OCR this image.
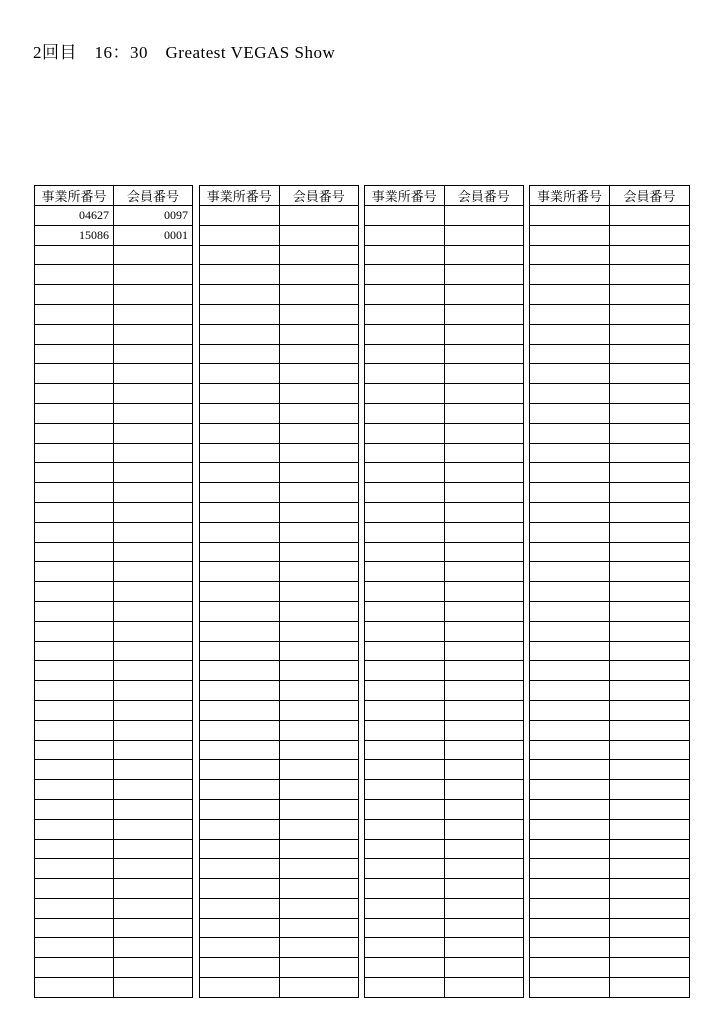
2回目　16：30　Greatest VEGAS Show
事業所番号	会員番号
04627	0097
15086	0001

事業所番号	会員番号

	事業所番号	会員番号

	事業所番号	会員番号
